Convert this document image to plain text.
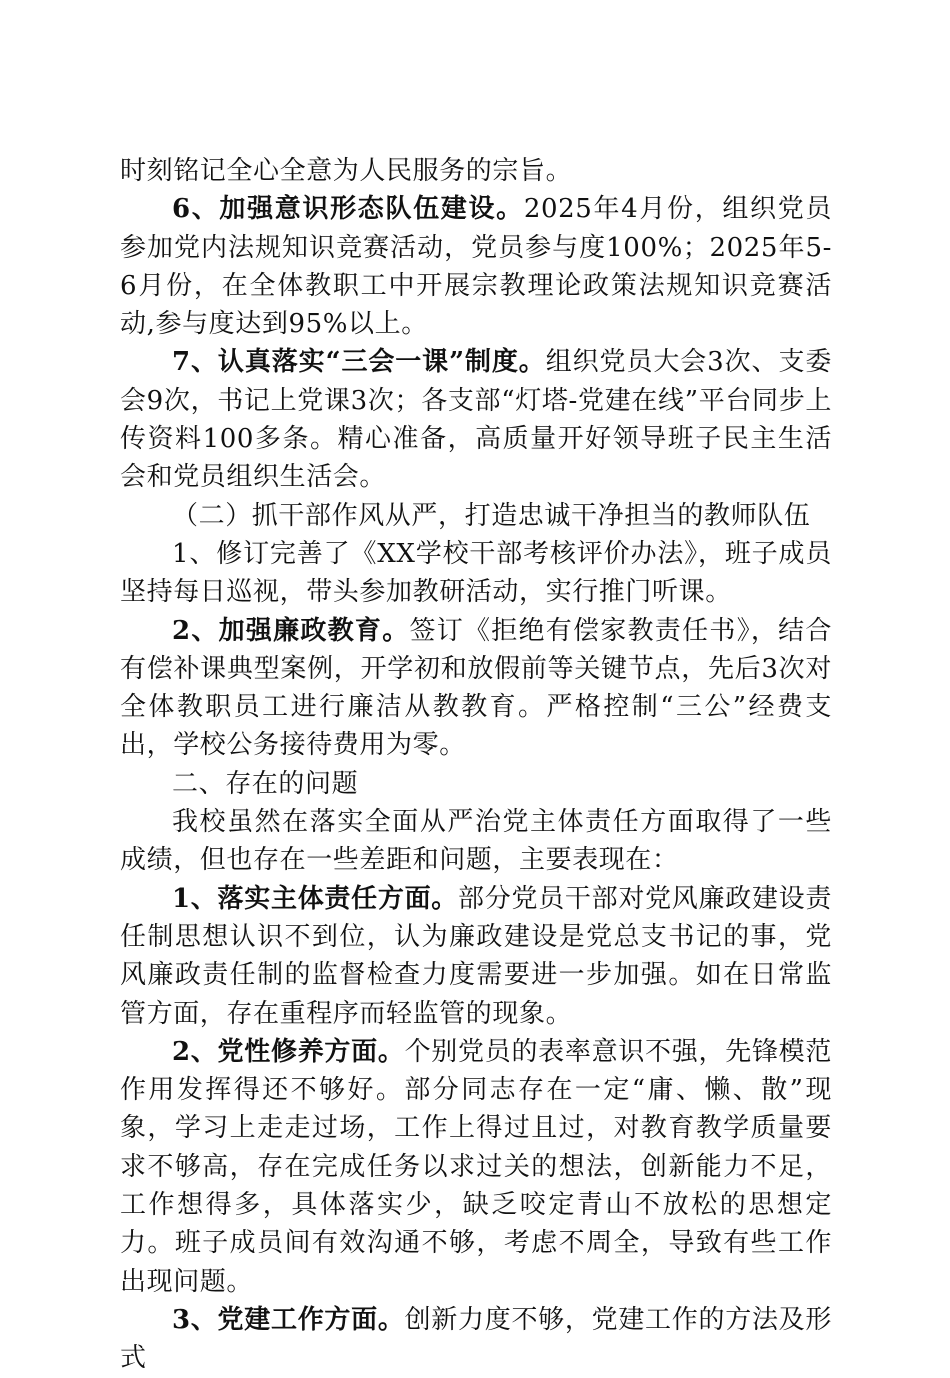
时刻铭记全心全意为人民服务的宗旨。

6、加强意识形态队伍建设。2025年4月份，组织党员参加党内法规知识竞赛活动，党员参与度100%；2025年5-6月份，在全体教职工中开展宗教理论政策法规知识竞赛活动,参与度达到95%以上。

7、认真落实“三会一课”制度。组织党员大会3次、支委会9次，书记上党课3次；各支部“灯塔-党建在线”平台同步上传资料100多条。精心准备，高质量开好领导班子民主生活会和党员组织生活会。

（二）抓干部作风从严，打造忠诚干净担当的教师队伍

1、修订完善了《XX学校干部考核评价办法》，班子成员坚持每日巡视，带头参加教研活动，实行推门听课。

2、加强廉政教育。签订《拒绝有偿家教责任书》，结合有偿补课典型案例，开学初和放假前等关键节点，先后3次对全体教职员工进行廉洁从教教育。严格控制“三公”经费支出，学校公务接待费用为零。

二、存在的问题

我校虽然在落实全面从严治党主体责任方面取得了一些成绩，但也存在一些差距和问题，主要表现在：

1、落实主体责任方面。部分党员干部对党风廉政建设责任制思想认识不到位，认为廉政建设是党总支书记的事，党风廉政责任制的监督检查力度需要进一步加强。如在日常监管方面，存在重程序而轻监管的现象。

2、党性修养方面。个别党员的表率意识不强，先锋模范作用发挥得还不够好。部分同志存在一定“庸、懒、散”现象，学习上走走过场，工作上得过且过，对教育教学质量要求不够高，存在完成任务以求过关的想法，创新能力不足，工作想得多，具体落实少，缺乏咬定青山不放松的思想定力。班子成员间有效沟通不够，考虑不周全，导致有些工作出现问题。

3、党建工作方面。创新力度不够，党建工作的方法及形式
